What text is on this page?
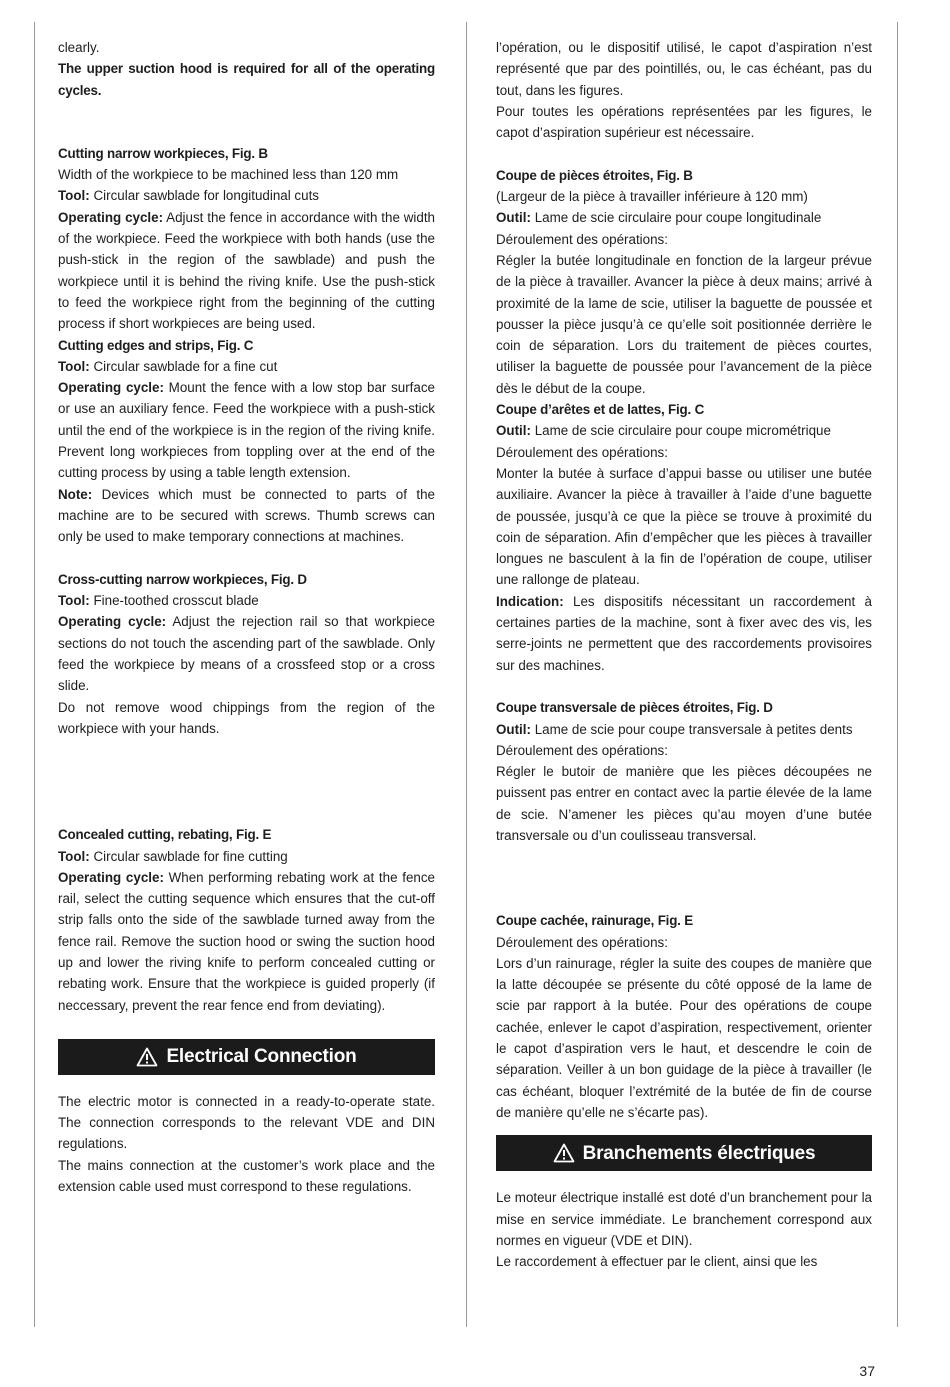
clearly.

The upper suction hood is required for all of the operating cycles.

Cutting narrow workpieces, Fig. B

Width of the workpiece to be machined less than 120 mm

Tool: Circular sawblade for longitudinal cuts

Operating cycle: Adjust the fence in accordance with the width of the workpiece. Feed the workpiece with both hands (use the push-stick in the region of the sawblade) and push the workpiece until it is behind the riving knife. Use the push-stick to feed the workpiece right from the beginning of the cutting process if short workpieces are being used.

Cutting edges and strips, Fig. C

Tool: Circular sawblade for a fine cut

Operating cycle: Mount the fence with a low stop bar surface or use an auxiliary fence. Feed the workpiece with a push-stick until the end of the workpiece is in the region of the riving knife. Prevent long workpieces from toppling over at the end of the cutting process by using a table length extension.

Note: Devices which must be connected to parts of the machine are to be secured with screws. Thumb screws can only be used to make temporary connections at machines.

Cross-cutting narrow workpieces, Fig. D

Tool: Fine-toothed crosscut blade

Operating cycle: Adjust the rejection rail so that workpiece sections do not touch the ascending part of the sawblade. Only feed the workpiece by means of a crossfeed stop or a cross slide.

Do not remove wood chippings from the region of the workpiece with your hands.

Concealed cutting, rebating, Fig. E

Tool: Circular sawblade for fine cutting

Operating cycle: When performing rebating work at the fence rail, select the cutting sequence which ensures that the cut-off strip falls onto the side of the sawblade turned away from the fence rail. Remove the suction hood or swing the suction hood up and lower the riving knife to perform concealed cutting or rebating work. Ensure that the workpiece is guided properly (if neccessary, prevent the rear fence end from deviating).

Electrical Connection

The electric motor is connected in a ready-to-operate state. The connection corresponds to the relevant VDE and DIN regulations.

The mains connection at the customer’s work place and the extension cable used must correspond to these regulations.

l’opération, ou le dispositif utilisé, le capot d’aspiration n’est représenté que par des pointillés, ou, le cas échéant, pas du tout, dans les figures.

Pour toutes les opérations représentées par les figures, le capot d’aspiration supérieur est nécessaire.

Coupe de pièces étroites, Fig. B

(Largeur de la pièce à travailler inférieure à 120 mm)

Outil: Lame de scie circulaire pour coupe longitudinale

Déroulement des opérations:

Régler la butée longitudinale en fonction de la largeur prévue de la pièce à travailler. Avancer la pièce à deux mains; arrivé à proximité de la lame de scie, utiliser la baguette de poussée et pousser la pièce jusqu’à ce qu’elle soit positionnée derrière le coin de séparation. Lors du traitement de pièces courtes, utiliser la baguette de poussée pour l’avancement de la pièce dès le début de la coupe.

Coupe d’arêtes et de lattes, Fig. C

Outil: Lame de scie circulaire pour coupe micrométrique

Déroulement des opérations:

Monter la butée à surface d’appui basse ou utiliser une butée auxiliaire. Avancer la pièce à travailler à l’aide d’une baguette de poussée, jusqu’à ce que la pièce se trouve à proximité du coin de séparation. Afin d’empêcher que les pièces à travailler longues ne basculent à la fin de l’opération de coupe, utiliser une rallonge de plateau.

Indication: Les dispositifs nécessitant un raccordement à certaines parties de la machine, sont à fixer avec des vis, les serre-joints ne permettent que des raccordements provisoires sur des machines.

Coupe transversale de pièces étroites, Fig. D

Outil: Lame de scie pour coupe transversale à petites dents

Déroulement des opérations:

Régler le butoir de manière que les pièces découpées ne puissent pas entrer en contact avec la partie élevée de la lame de scie. N’amener les pièces qu’au moyen d’une butée transversale ou d’un coulisseau transversal.

Coupe cachée, rainurage, Fig. E

Déroulement des opérations:

Lors d’un rainurage, régler la suite des coupes de manière que la latte découpée se présente du côté opposé de la lame de scie par rapport à la butée. Pour des opérations de coupe cachée, enlever le capot d’aspiration, respectivement, orienter le capot d’aspiration vers le haut, et descendre le coin de séparation. Veiller à un bon guidage de la pièce à travailler (le cas échéant, bloquer l’extrémité de la butée de fin de course de manière qu’elle ne s’écarte pas).

Branchements électriques

Le moteur électrique installé est doté d’un branchement pour la mise en service immédiate. Le branchement correspond aux normes en vigueur (VDE et DIN).

Le raccordement à effectuer par le client, ainsi que les

37
